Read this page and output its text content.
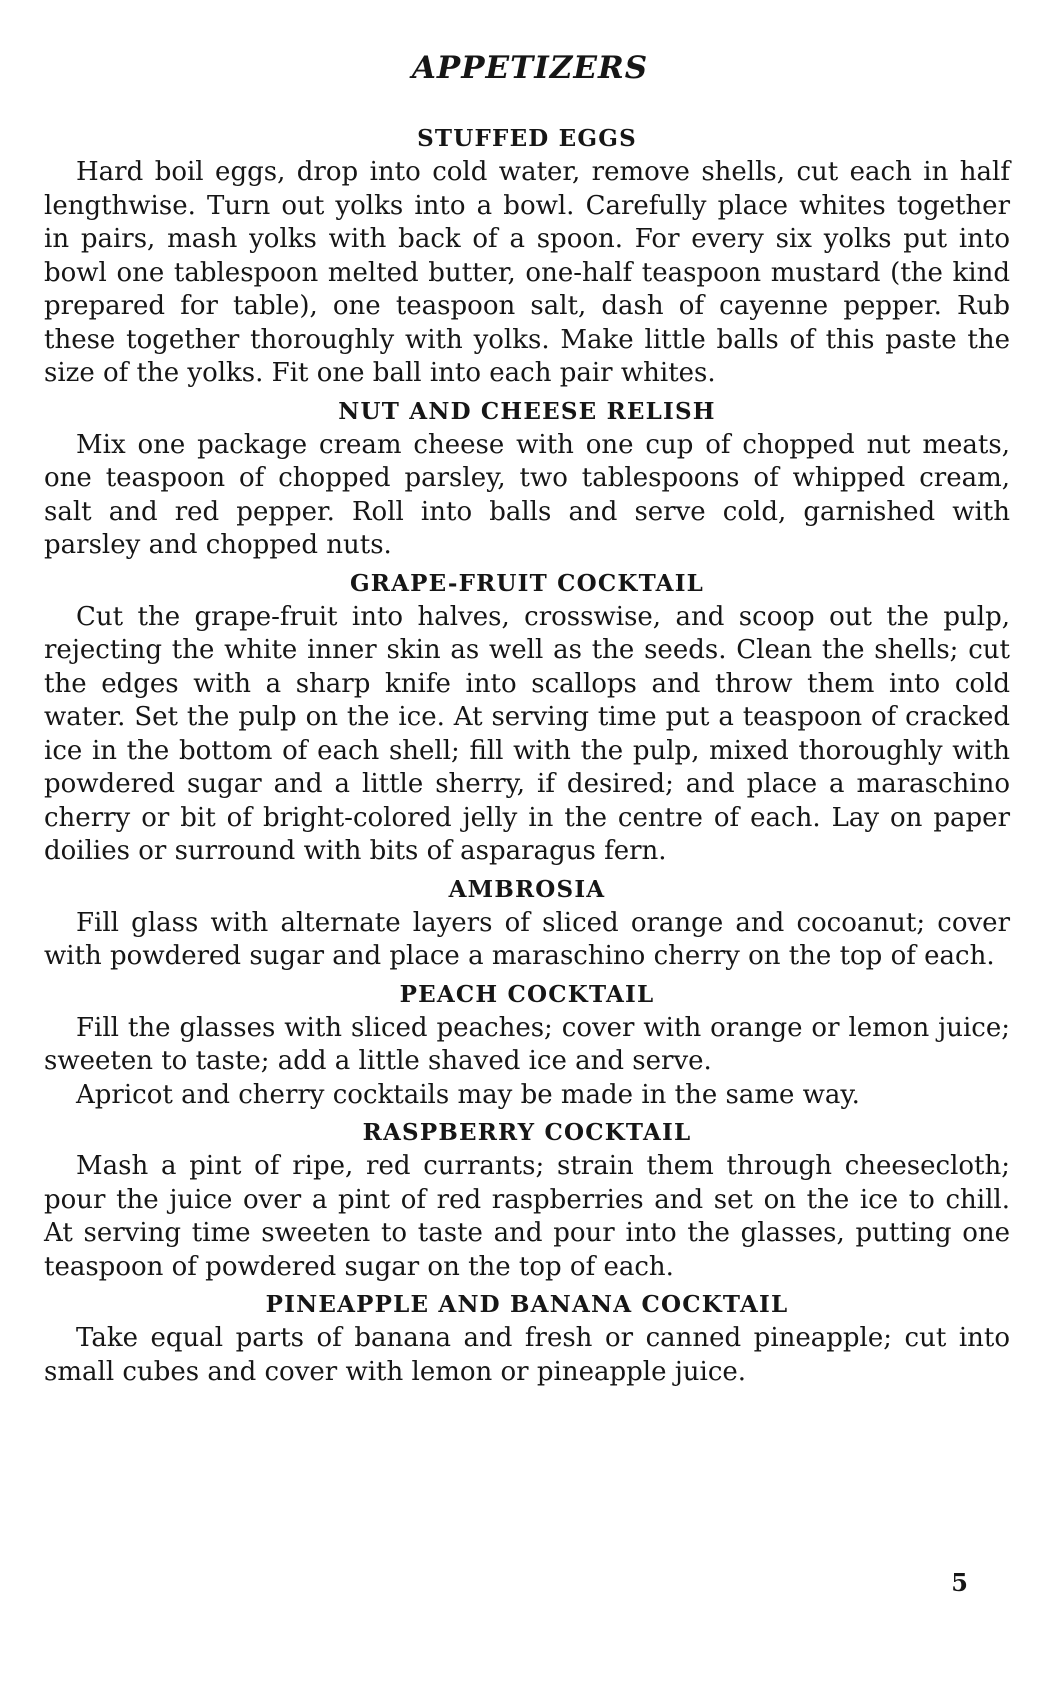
APPETIZERS
STUFFED EGGS

Hard boil eggs, drop into cold water, remove shells, cut each in half lengthwise. Turn out yolks into a bowl. Carefully place whites together in pairs, mash yolks with back of a spoon. For every six yolks put into bowl one tablespoon melted butter, one-half teaspoon mustard (the kind prepared for table), one teaspoon salt, dash of cayenne pepper. Rub these together thoroughly with yolks. Make little balls of this paste the size of the yolks. Fit one ball into each pair whites.

NUT AND CHEESE RELISH

Mix one package cream cheese with one cup of chopped nut meats, one teaspoon of chopped parsley, two tablespoons of whipped cream, salt and red pepper. Roll into balls and serve cold, garnished with parsley and chopped nuts.

GRAPE-FRUIT COCKTAIL

Cut the grape-fruit into halves, crosswise, and scoop out the pulp, rejecting the white inner skin as well as the seeds. Clean the shells; cut the edges with a sharp knife into scallops and throw them into cold water. Set the pulp on the ice. At serving time put a teaspoon of cracked ice in the bottom of each shell; fill with the pulp, mixed thoroughly with powdered sugar and a little sherry, if desired; and place a maraschino cherry or bit of bright-colored jelly in the centre of each. Lay on paper doilies or surround with bits of asparagus fern.

AMBROSIA

Fill glass with alternate layers of sliced orange and cocoanut; cover with powdered sugar and place a maraschino cherry on the top of each.

PEACH COCKTAIL

Fill the glasses with sliced peaches; cover with orange or lemon juice; sweeten to taste; add a little shaved ice and serve.

Apricot and cherry cocktails may be made in the same way.

RASPBERRY COCKTAIL

Mash a pint of ripe, red currants; strain them through cheesecloth; pour the juice over a pint of red raspberries and set on the ice to chill. At serving time sweeten to taste and pour into the glasses, putting one teaspoon of powdered sugar on the top of each.

PINEAPPLE AND BANANA COCKTAIL

Take equal parts of banana and fresh or canned pineapple; cut into small cubes and cover with lemon or pineapple juice.

5
